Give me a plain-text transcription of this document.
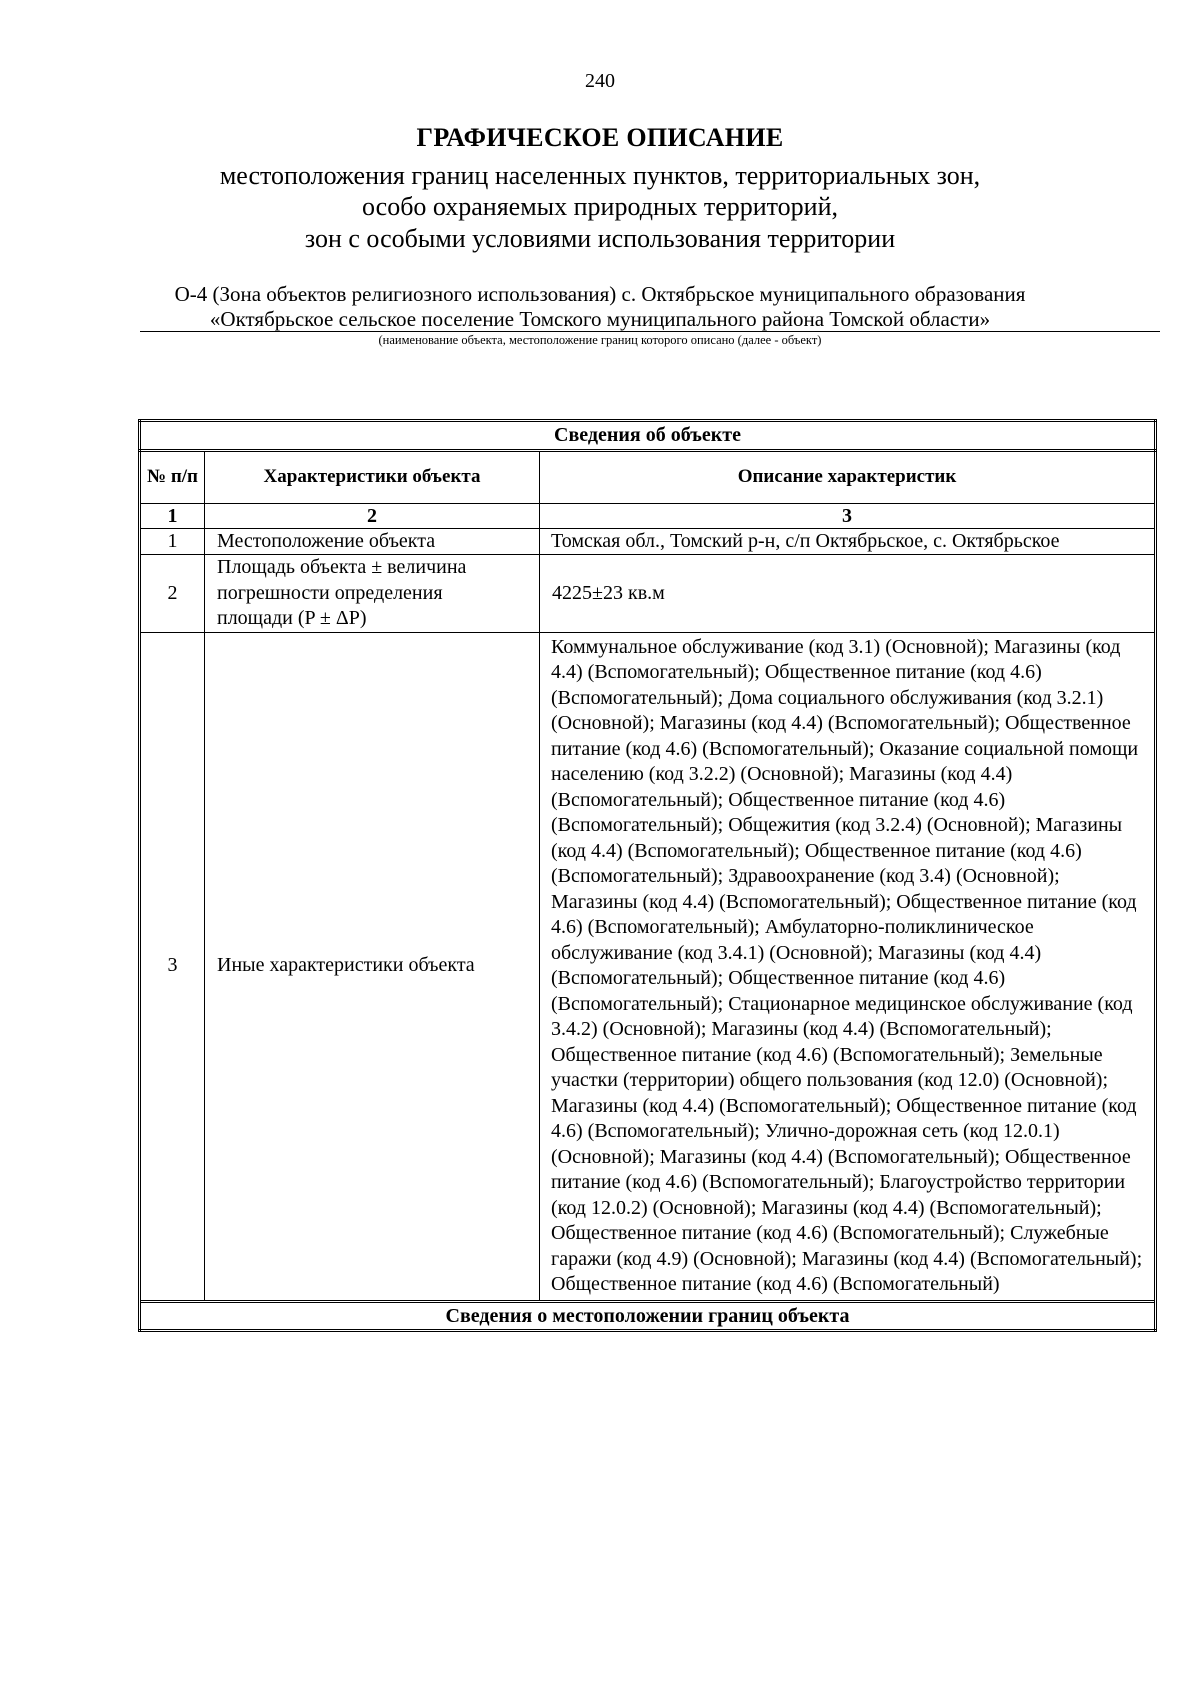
240
ГРАФИЧЕСКОЕ ОПИСАНИЕ
местоположения границ населенных пунктов, территориальных зон,
особо охраняемых природных территорий,
зон с особыми условиями использования территории
О-4 (Зона объектов религиозного использования) с. Октябрьское муниципального образования
«Октябрьское сельское поселение Томского муниципального района Томской области»
(наименование объекта, местоположение границ которого описано (далее - объект)
Сведения об объекте		
№ п/п	Характеристики объекта	Описание характеристик
1	2	3
1	Местоположение объекта	Томская обл., Томский р-н, с/п Октябрьское, с. Октябрьское
2	Площадь объекта ± величина погрешности определения площади (P ± ΔP)	4225±23 кв.м
3	Иные характеристики объекта	Коммунальное обслуживание (код 3.1) (Основной); Магазины (код 4.4) (Вспомогательный); Общественное питание (код 4.6) (Вспомогательный); Дома социального обслуживания (код 3.2.1) (Основной); Магазины (код 4.4) (Вспомогательный); Общественное питание (код 4.6) (Вспомогательный); Оказание социальной помощи населению (код 3.2.2) (Основной); Магазины (код 4.4) (Вспомогательный); Общественное питание (код 4.6) (Вспомогательный); Общежития (код 3.2.4) (Основной); Магазины (код 4.4) (Вспомогательный); Общественное питание (код 4.6) (Вспомогательный); Здравоохранение (код 3.4) (Основной); Магазины (код 4.4) (Вспомогательный); Общественное питание (код 4.6) (Вспомогательный); Амбулаторно-поликлиническое обслуживание (код 3.4.1) (Основной); Магазины (код 4.4) (Вспомогательный); Общественное питание (код 4.6) (Вспомогательный); Стационарное медицинское обслуживание (код 3.4.2) (Основной); Магазины (код 4.4) (Вспомогательный); Общественное питание (код 4.6) (Вспомогательный); Земельные участки (территории) общего пользования (код 12.0) (Основной); Магазины (код 4.4) (Вспомогательный); Общественное питание (код 4.6) (Вспомогательный); Улично-дорожная сеть (код 12.0.1) (Основной); Магазины (код 4.4) (Вспомогательный); Общественное питание (код 4.6) (Вспомогательный); Благоустройство территории (код 12.0.2) (Основной); Магазины (код 4.4) (Вспомогательный); Общественное питание (код 4.6) (Вспомогательный); Служебные гаражи (код 4.9) (Основной); Магазины (код 4.4) (Вспомогательный); Общественное питание (код 4.6) (Вспомогательный)
Сведения о местоположении границ объекта		
